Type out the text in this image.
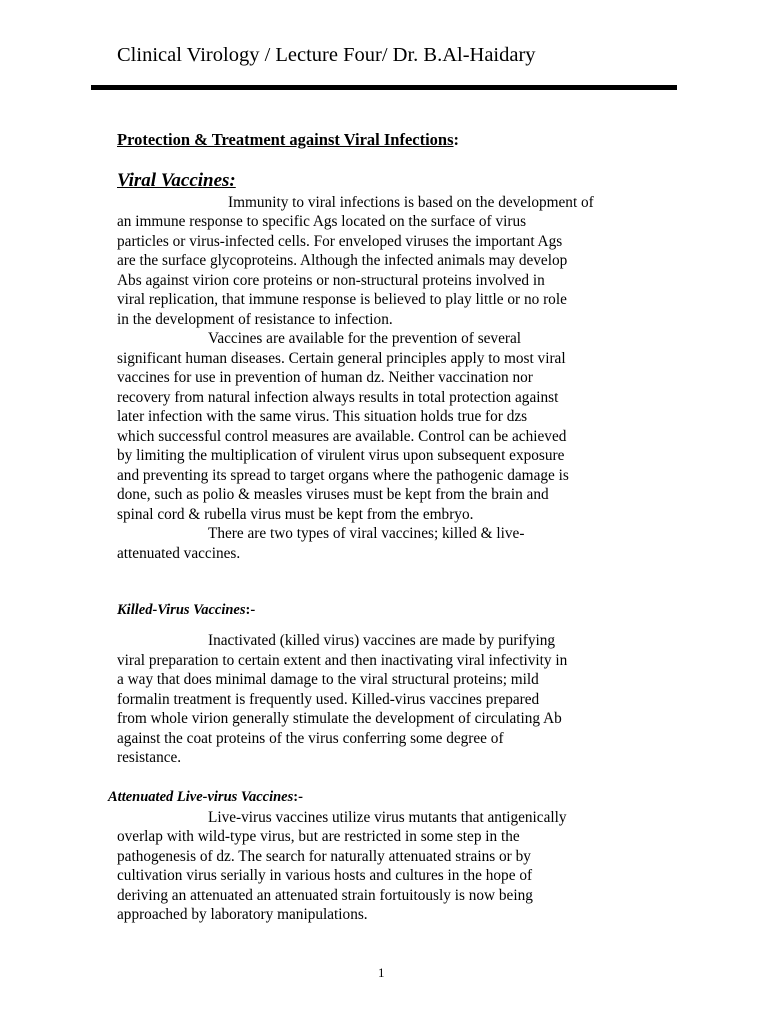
Clinical Virology / Lecture Four/ Dr. B.Al-Haidary
Protection & Treatment against Viral Infections:
Viral Vaccines:
Immunity to viral infections is based on the development of
an immune response to specific Ags located on the surface of virus
particles or virus-infected cells. For enveloped viruses the important Ags
are the surface glycoproteins. Although the infected animals may develop
Abs against virion core proteins or non-structural proteins involved in
viral replication, that immune response is believed to play little or no role
in the development of resistance to infection.
Vaccines are available for the prevention of several
significant human diseases. Certain general principles apply to most viral
vaccines for use in prevention of human dz. Neither vaccination nor
recovery from natural infection always results in total protection against
later infection with the same virus. This situation holds true for dzs
which successful control measures are available. Control can be achieved
by limiting the multiplication of virulent virus upon subsequent exposure
and preventing its spread to target organs where the pathogenic damage is
done, such as polio & measles viruses must be kept from the brain and
spinal cord & rubella virus must be kept from the embryo.
There are two types of viral vaccines; killed & live-
attenuated vaccines.
Killed-Virus Vaccines:-
Inactivated (killed virus) vaccines are made by purifying
viral preparation to certain extent and then inactivating viral infectivity in
a way that does minimal damage to the viral structural proteins; mild
formalin treatment is frequently used. Killed-virus vaccines prepared
from whole virion generally stimulate the development of circulating Ab
against the coat proteins of the virus conferring some degree of
resistance.
Attenuated Live-virus Vaccines:-
Live-virus vaccines utilize virus mutants that antigenically
overlap with wild-type virus, but are restricted in some step in the
pathogenesis of dz. The search for naturally attenuated strains or by
cultivation virus serially in various hosts and cultures in the hope of
deriving an attenuated an attenuated strain fortuitously is now being
approached by laboratory manipulations.
1
